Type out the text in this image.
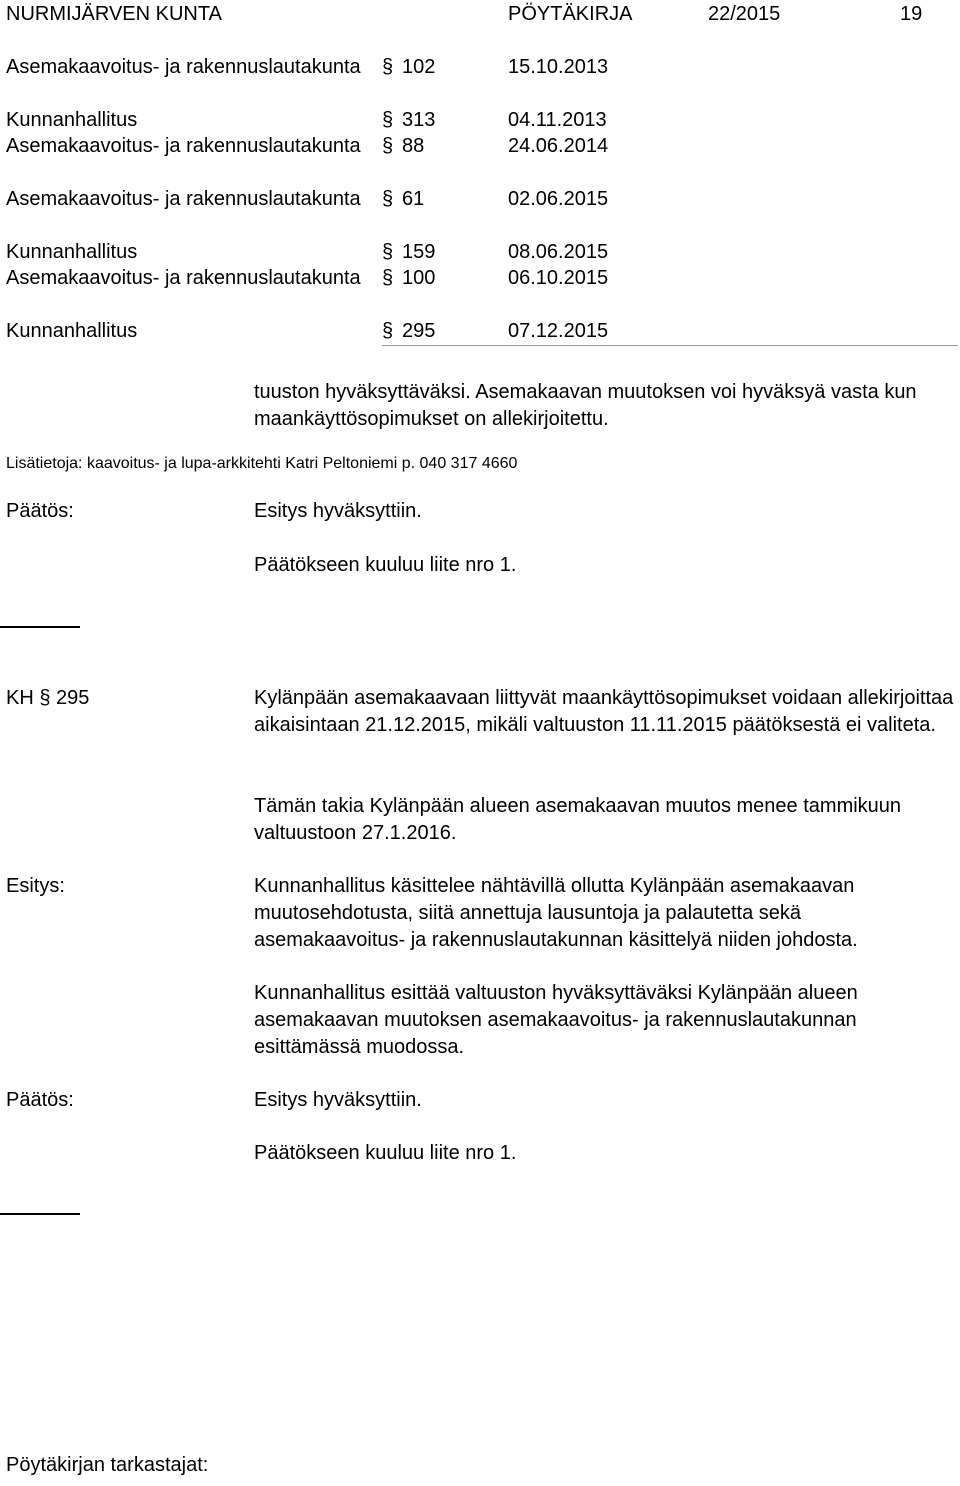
NURMIJÄRVEN KUNTA	PÖYTÄKIRJA	22/2015	19
Asemakaavoitus- ja rakennuslautakunta	§ 102	15.10.2013
Kunnanhallitus	§ 313	04.11.2013
Asemakaavoitus- ja rakennuslautakunta	§ 88	24.06.2014
Asemakaavoitus- ja rakennuslautakunta	§ 61	02.06.2015
Kunnanhallitus	§ 159	08.06.2015
Asemakaavoitus- ja rakennuslautakunta	§ 100	06.10.2015
Kunnanhallitus	§ 295	07.12.2015
tuuston hyväksyttäväksi. Asemakaavan muutoksen voi hyväksyä vasta kun maankäyttösopimukset on allekirjoitettu.
Lisätietoja: kaavoitus- ja lupa-arkkitehti Katri Peltoniemi p. 040 317 4660
Päätös:	Esitys hyväksyttiin.
Päätökseen kuuluu liite nro 1.
KH § 295	Kylänpään asemakaavaan liittyvät maankäyttösopimukset voidaan allekirjoittaa aikaisintaan 21.12.2015, mikäli valtuuston 11.11.2015 päätöksestä ei valiteta.
Tämän takia Kylänpään alueen asemakaavan muutos menee tammikuun valtuustoon 27.1.2016.
Esitys:	Kunnanhallitus käsittelee nähtävillä ollutta Kylänpään asemakaavan muutosehdotusta, siitä annettuja lausuntoja ja palautetta sekä asemakaavoitus- ja rakennuslautakunnan käsittelyä niiden johdosta.
Kunnanhallitus esittää valtuuston hyväksyttäväksi Kylänpään alueen asemakaavan muutoksen asemakaavoitus- ja rakennuslautakunnan esittämässä muodossa.
Päätös:	Esitys hyväksyttiin.
Päätökseen kuuluu liite nro 1.
Pöytäkirjan tarkastajat:
